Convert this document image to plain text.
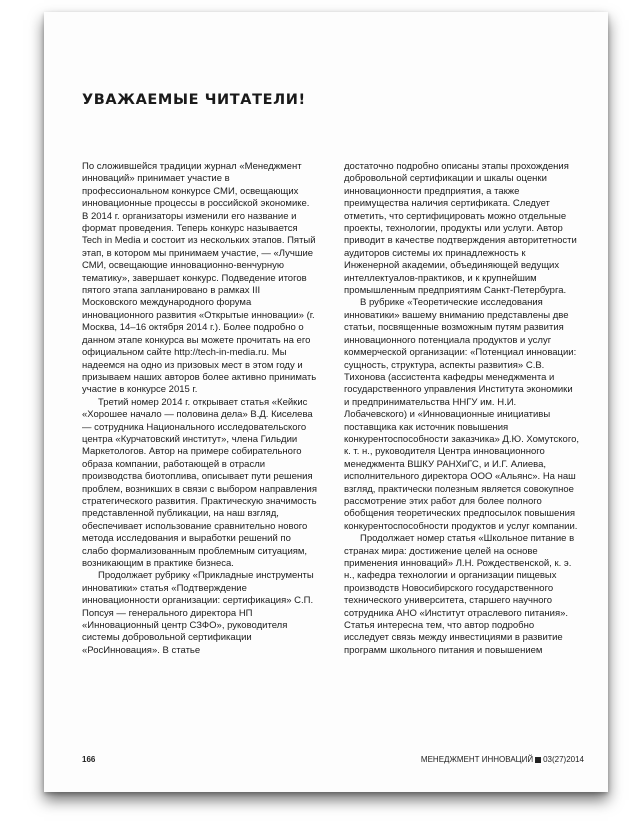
УВАЖАЕМЫЕ ЧИТАТЕЛИ!

По сложившейся традиции журнал «Менеджмент инноваций» принимает участие в профессиональном конкурсе СМИ, освещающих инновационные процессы в российской экономике. В 2014 г. организаторы изменили его название и формат проведения. Теперь конкурс называется Tech in Media и состоит из нескольких этапов. Пятый этап, в котором мы принимаем участие, — «Лучшие СМИ, освещающие инновационно-венчурную тематику», завершает конкурс. Подведение итогов пятого этапа запланировано в рамках III Московского международного форума инновационного развития «Открытые инновации» (г. Москва, 14–16 октября 2014 г.). Более подробно о данном этапе конкурса вы можете прочитать на его официальном сайте http://tech-in-media.ru. Мы надеемся на одно из призовых мест в этом году и призываем наших авторов более активно принимать участие в конкурсе 2015 г.

Третий номер 2014 г. открывает статья «Кейкис «Хорошее начало — половина дела» В.Д. Киселева — сотрудника Национального исследовательского центра «Курчатовский институт», члена Гильдии Маркетологов. Автор на примере собирательного образа компании, работающей в отрасли производства биотоплива, описывает пути решения проблем, возникших в связи с выбором направления стратегического развития. Практическую значимость представленной публикации, на наш взгляд, обеспечивает использование сравнительно нового метода исследования и выработки решений по слабо формализованным проблемным ситуациям, возникающим в практике бизнеса.

Продолжает рубрику «Прикладные инструменты инноватики» статья «Подтверждение инновационности организации: сертификация» С.П. Попсуя — генерального директора НП «Инновационный центр СЗФО», руководителя системы добровольной сертификации «РосИнновация». В статье

достаточно подробно описаны этапы прохождения добровольной сертификации и шкалы оценки инновационности предприятия, а также преимущества наличия сертификата. Следует отметить, что сертифицировать можно отдельные проекты, технологии, продукты или услуги. Автор приводит в качестве подтверждения авторитетности аудиторов системы их принадлежность к Инженерной академии, объединяющей ведущих интеллектуалов-практиков, и к крупнейшим промышленным предприятиям Санкт-Петербурга.

В рубрике «Теоретические исследования инноватики» вашему вниманию представлены две статьи, посвященные возможным путям развития инновационного потенциала продуктов и услуг коммерческой организации: «Потенциал инновации: сущность, структура, аспекты развития» С.В. Тихонова (ассистента кафедры менеджмента и государственного управления Института экономики и предпринимательства ННГУ им. Н.И. Лобачевского) и «Инновационные инициативы поставщика как источник повышения конкурентоспособности заказчика» Д.Ю. Хомутского, к. т. н., руководителя Центра инновационного менеджмента ВШКУ РАНХиГС, и И.Г. Алиева, исполнительного директора ООО «Альянс». На наш взгляд, практически полезным является совокупное рассмотрение этих работ для более полного обобщения теоретических предпосылок повышения конкурентоспособности продуктов и услуг компании.

Продолжает номер статья «Школьное питание в странах мира: достижение целей на основе применения инноваций» Л.Н. Рождественской, к. э. н., кафедра технологии и организации пищевых производств Новосибирского государственного технического университета, старшего научного сотрудника АНО «Институт отраслевого питания». Статья интересна тем, что автор подробно исследует связь между инвестициями в развитие программ школьного питания и повышением

166	МЕНЕДЖМЕНТ ИННОВАЦИЙ 03(27)2014
